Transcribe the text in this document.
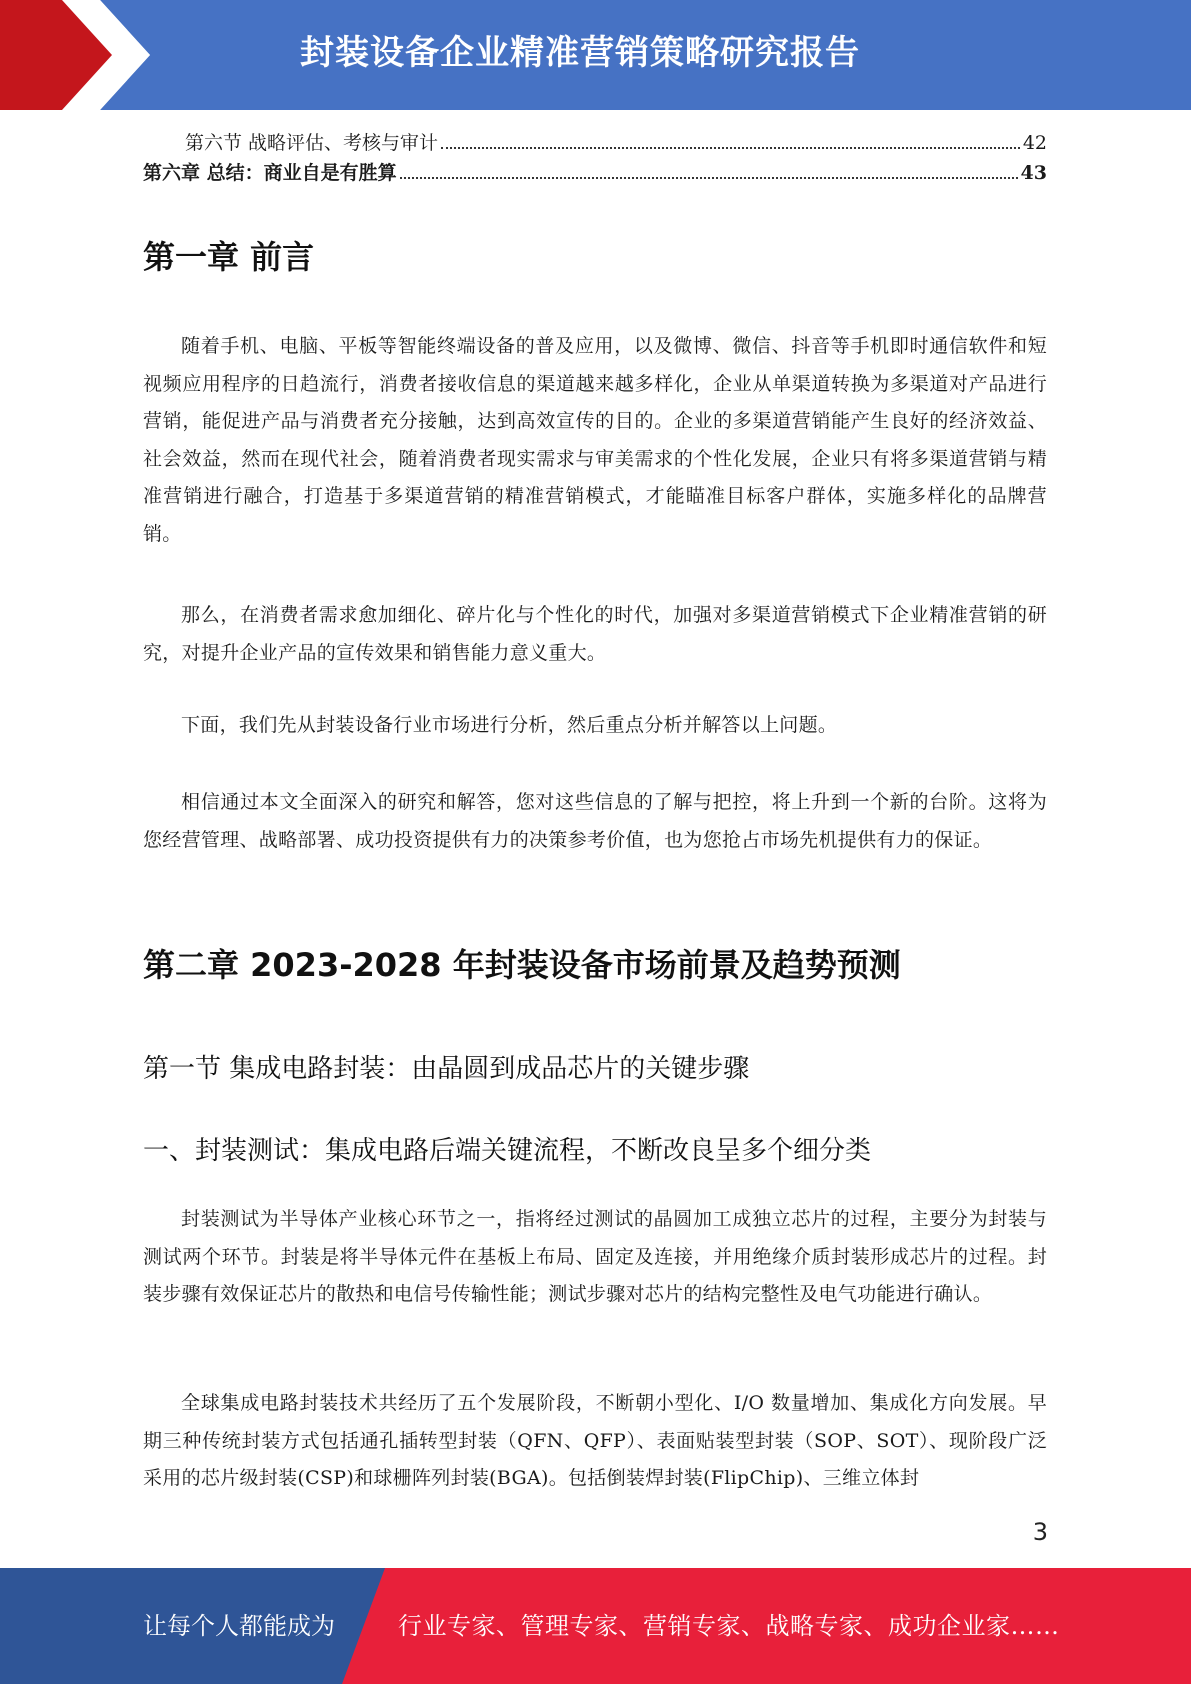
封装设备企业精准营销策略研究报告
第六节 战略评估、考核与审计	42
第六章 总结：商业自是有胜算	43
第一章 前言
随着手机、电脑、平板等智能终端设备的普及应用，以及微博、微信、抖音等手机即时通信软件和短视频应用程序的日趋流行，消费者接收信息的渠道越来越多样化，企业从单渠道转换为多渠道对产品进行营销，能促进产品与消费者充分接触，达到高效宣传的目的。企业的多渠道营销能产生良好的经济效益、社会效益，然而在现代社会，随着消费者现实需求与审美需求的个性化发展，企业只有将多渠道营销与精准营销进行融合，打造基于多渠道营销的精准营销模式，才能瞄准目标客户群体，实施多样化的品牌营销。
那么，在消费者需求愈加细化、碎片化与个性化的时代，加强对多渠道营销模式下企业精准营销的研究，对提升企业产品的宣传效果和销售能力意义重大。
下面，我们先从封装设备行业市场进行分析，然后重点分析并解答以上问题。
相信通过本文全面深入的研究和解答，您对这些信息的了解与把控，将上升到一个新的台阶。这将为您经营管理、战略部署、成功投资提供有力的决策参考价值，也为您抢占市场先机提供有力的保证。
第二章 2023-2028 年封装设备市场前景及趋势预测
第一节 集成电路封装：由晶圆到成品芯片的关键步骤
一、封装测试：集成电路后端关键流程，不断改良呈多个细分类
封装测试为半导体产业核心环节之一，指将经过测试的晶圆加工成独立芯片的过程，主要分为封装与测试两个环节。封装是将半导体元件在基板上布局、固定及连接，并用绝缘介质封装形成芯片的过程。封装步骤有效保证芯片的散热和电信号传输性能；测试步骤对芯片的结构完整性及电气功能进行确认。
全球集成电路封装技术共经历了五个发展阶段，不断朝小型化、I/O 数量增加、集成化方向发展。早期三种传统封装方式包括通孔插转型封装（QFN、QFP）、表面贴装型封装（SOP、SOT）、现阶段广泛采用的芯片级封装(CSP)和球栅阵列封装(BGA)。包括倒装焊封装(FlipChip)、三维立体封
3
让每个人都能成为	行业专家、管理专家、营销专家、战略专家、成功企业家……
